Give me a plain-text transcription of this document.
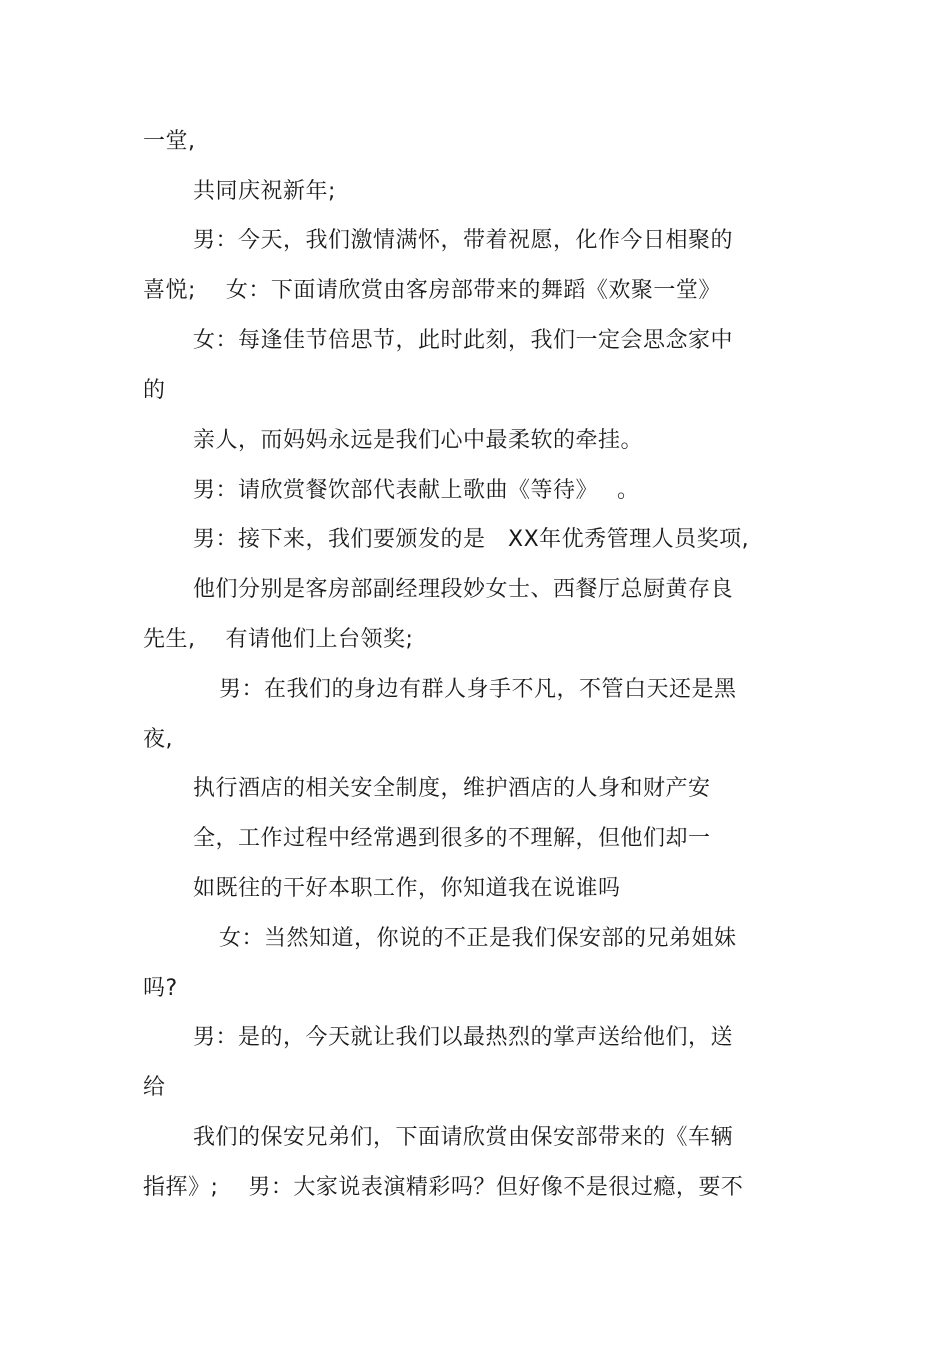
一堂,
共同庆祝新年;
男：今天，我们激情满怀，带着祝愿，化作今日相聚的
喜悦;　 女：下面请欣赏由客房部带来的舞蹈《欢聚一堂》
女：每逢佳节倍思节，此时此刻，我们一定会思念家中
的
亲人，而妈妈永远是我们心中最柔软的牵挂。
男：请欣赏餐饮部代表献上歌曲《等待》　 。
男：接下来，我们要颁发的是　XX年优秀管理人员奖项,
他们分别是客房部副经理段妙女士、西餐厅总厨黄存良
先生,　 有请他们上台领奖;
男：在我们的身边有群人身手不凡，不管白天还是黑
夜,
执行酒店的相关安全制度，维护酒店的人身和财产安
全，工作过程中经常遇到很多的不理解，但他们却一
如既往的干好本职工作，你知道我在说谁吗
女：当然知道，你说的不正是我们保安部的兄弟姐妹
吗?
男：是的，今天就让我们以最热烈的掌声送给他们，送
给
我们的保安兄弟们，下面请欣赏由保安部带来的《车辆
指挥》;　 男：大家说表演精彩吗？但好像不是很过瘾，要不
